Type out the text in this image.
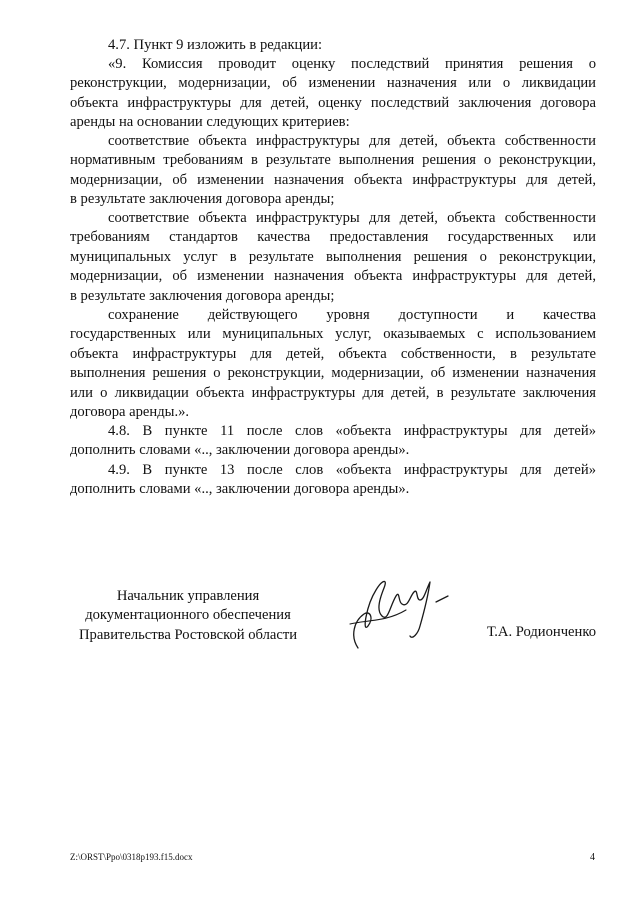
4.7. Пункт 9 изложить в редакции:
«9. Комиссия проводит оценку последствий принятия решения о
реконструкции, модернизации, об изменении назначения или о ликвидации
объекта инфраструктуры для детей, оценку последствий заключения договора
аренды на основании следующих критериев:
соответствие объекта инфраструктуры для детей, объекта собственности
нормативным требованиям в результате выполнения решения о реконструкции,
модернизации, об изменении назначения объекта инфраструктуры для детей,
в результате заключения договора аренды;
соответствие объекта инфраструктуры для детей, объекта собственности
требованиям стандартов качества предоставления государственных или
муниципальных услуг в результате выполнения решения о реконструкции,
модернизации, об изменении назначения объекта инфраструктуры для детей,
в результате заключения договора аренды;
сохранение действующего уровня доступности и качества
государственных или муниципальных услуг, оказываемых с использованием
объекта инфраструктуры для детей, объекта собственности, в результате
выполнения решения о реконструкции, модернизации, об изменении назначения
или о ликвидации объекта инфраструктуры для детей, в результате заключения
договора аренды.».
4.8. В пункте 11 после слов «объекта инфраструктуры для детей»
дополнить словами «.., заключении договора аренды».
4.9. В пункте 13 после слов «объекта инфраструктуры для детей»
дополнить словами «.., заключении договора аренды».
Начальник управления
документационного обеспечения
Правительства Ростовской области	Т.А. Родионченко
Z:\ORST\Ppo\0318p193.f15.docx	4
